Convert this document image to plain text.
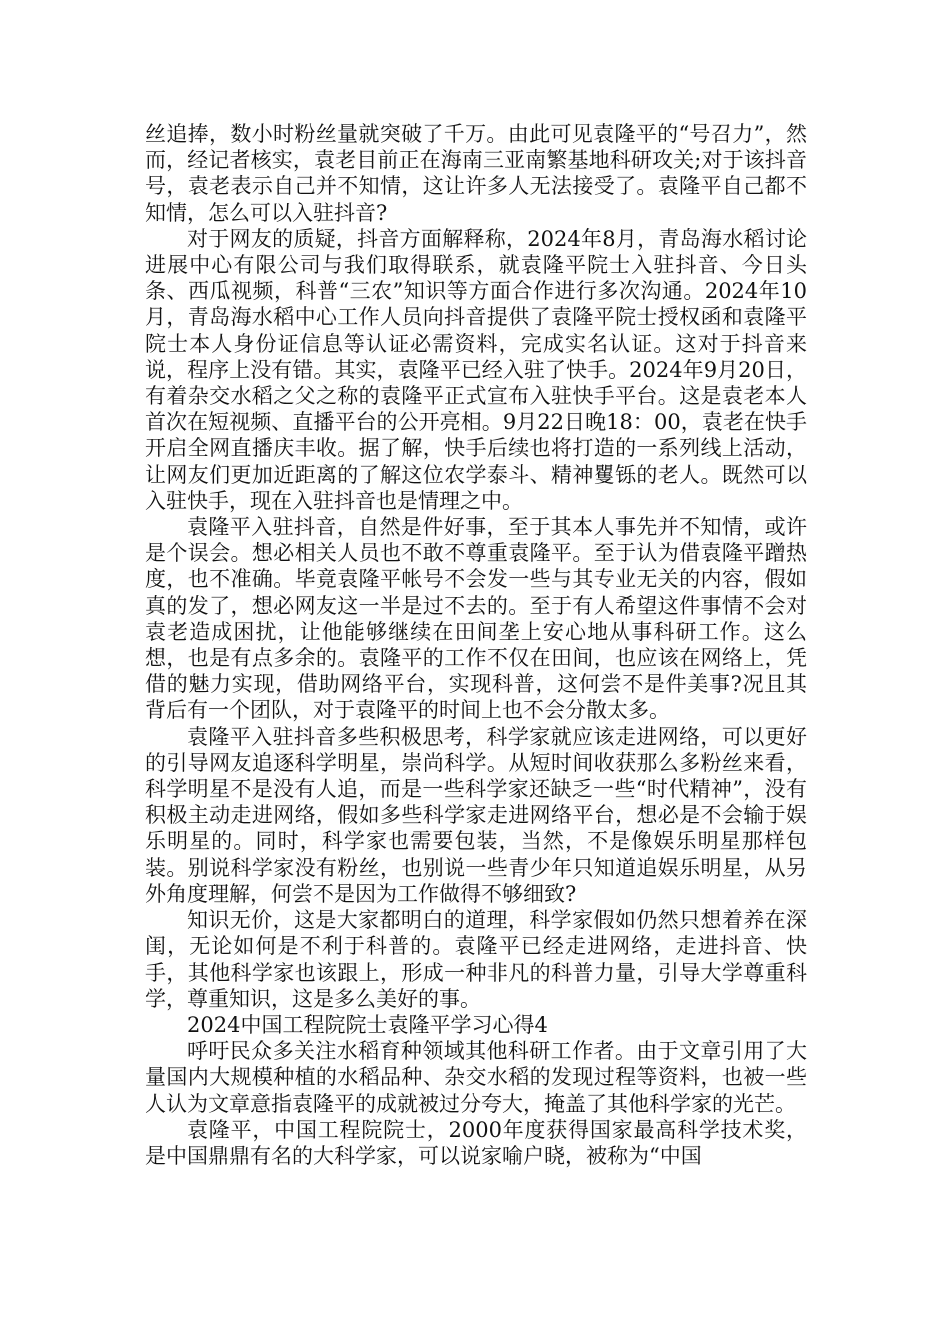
丝追捧，数小时粉丝量就突破了千万。由此可见袁隆平的“号召力”，然而，经记者核实，袁老目前正在海南三亚南繁基地科研攻关;对于该抖音号，袁老表示自己并不知情，这让许多人无法接受了。袁隆平自己都不知情，怎么可以入驻抖音?

对于网友的质疑，抖音方面解释称，2024年8月，青岛海水稻讨论进展中心有限公司与我们取得联系，就袁隆平院士入驻抖音、今日头条、西瓜视频，科普“三农”知识等方面合作进行多次沟通。2024年10月，青岛海水稻中心工作人员向抖音提供了袁隆平院士授权函和袁隆平院士本人身份证信息等认证必需资料，完成实名认证。这对于抖音来说，程序上没有错。其实，袁隆平已经入驻了快手。2024年9月20日，有着杂交水稻之父之称的袁隆平正式宣布入驻快手平台。这是袁老本人首次在短视频、直播平台的公开亮相。9月22日晚18：00，袁老在快手开启全网直播庆丰收。据了解，快手后续也将打造的一系列线上活动，让网友们更加近距离的了解这位农学泰斗、精神矍铄的老人。既然可以入驻快手，现在入驻抖音也是情理之中。

袁隆平入驻抖音，自然是件好事，至于其本人事先并不知情，或许是个误会。想必相关人员也不敢不尊重袁隆平。至于认为借袁隆平蹭热度，也不准确。毕竟袁隆平帐号不会发一些与其专业无关的内容，假如真的发了，想必网友这一半是过不去的。至于有人希望这件事情不会对袁老造成困扰，让他能够继续在田间垄上安心地从事科研工作。这么想，也是有点多余的。袁隆平的工作不仅在田间，也应该在网络上，凭借的魅力实现，借助网络平台，实现科普，这何尝不是件美事?况且其背后有一个团队，对于袁隆平的时间上也不会分散太多。

袁隆平入驻抖音多些积极思考，科学家就应该走进网络，可以更好的引导网友追逐科学明星，崇尚科学。从短时间收获那么多粉丝来看，科学明星不是没有人追，而是一些科学家还缺乏一些“时代精神”，没有积极主动走进网络，假如多些科学家走进网络平台，想必是不会输于娱乐明星的。同时，科学家也需要包装，当然，不是像娱乐明星那样包装。别说科学家没有粉丝，也别说一些青少年只知道追娱乐明星，从另外角度理解，何尝不是因为工作做得不够细致?

知识无价，这是大家都明白的道理，科学家假如仍然只想着养在深闺，无论如何是不利于科普的。袁隆平已经走进网络，走进抖音、快手，其他科学家也该跟上，形成一种非凡的科普力量，引导大学尊重科学，尊重知识，这是多么美好的事。

2024中国工程院院士袁隆平学习心得4

呼吁民众多关注水稻育种领域其他科研工作者。由于文章引用了大量国内大规模种植的水稻品种、杂交水稻的发现过程等资料，也被一些人认为文章意指袁隆平的成就被过分夸大，掩盖了其他科学家的光芒。

袁隆平，中国工程院院士，2000年度获得国家最高科学技术奖，是中国鼎鼎有名的大科学家，可以说家喻户晓，被称为“中国
